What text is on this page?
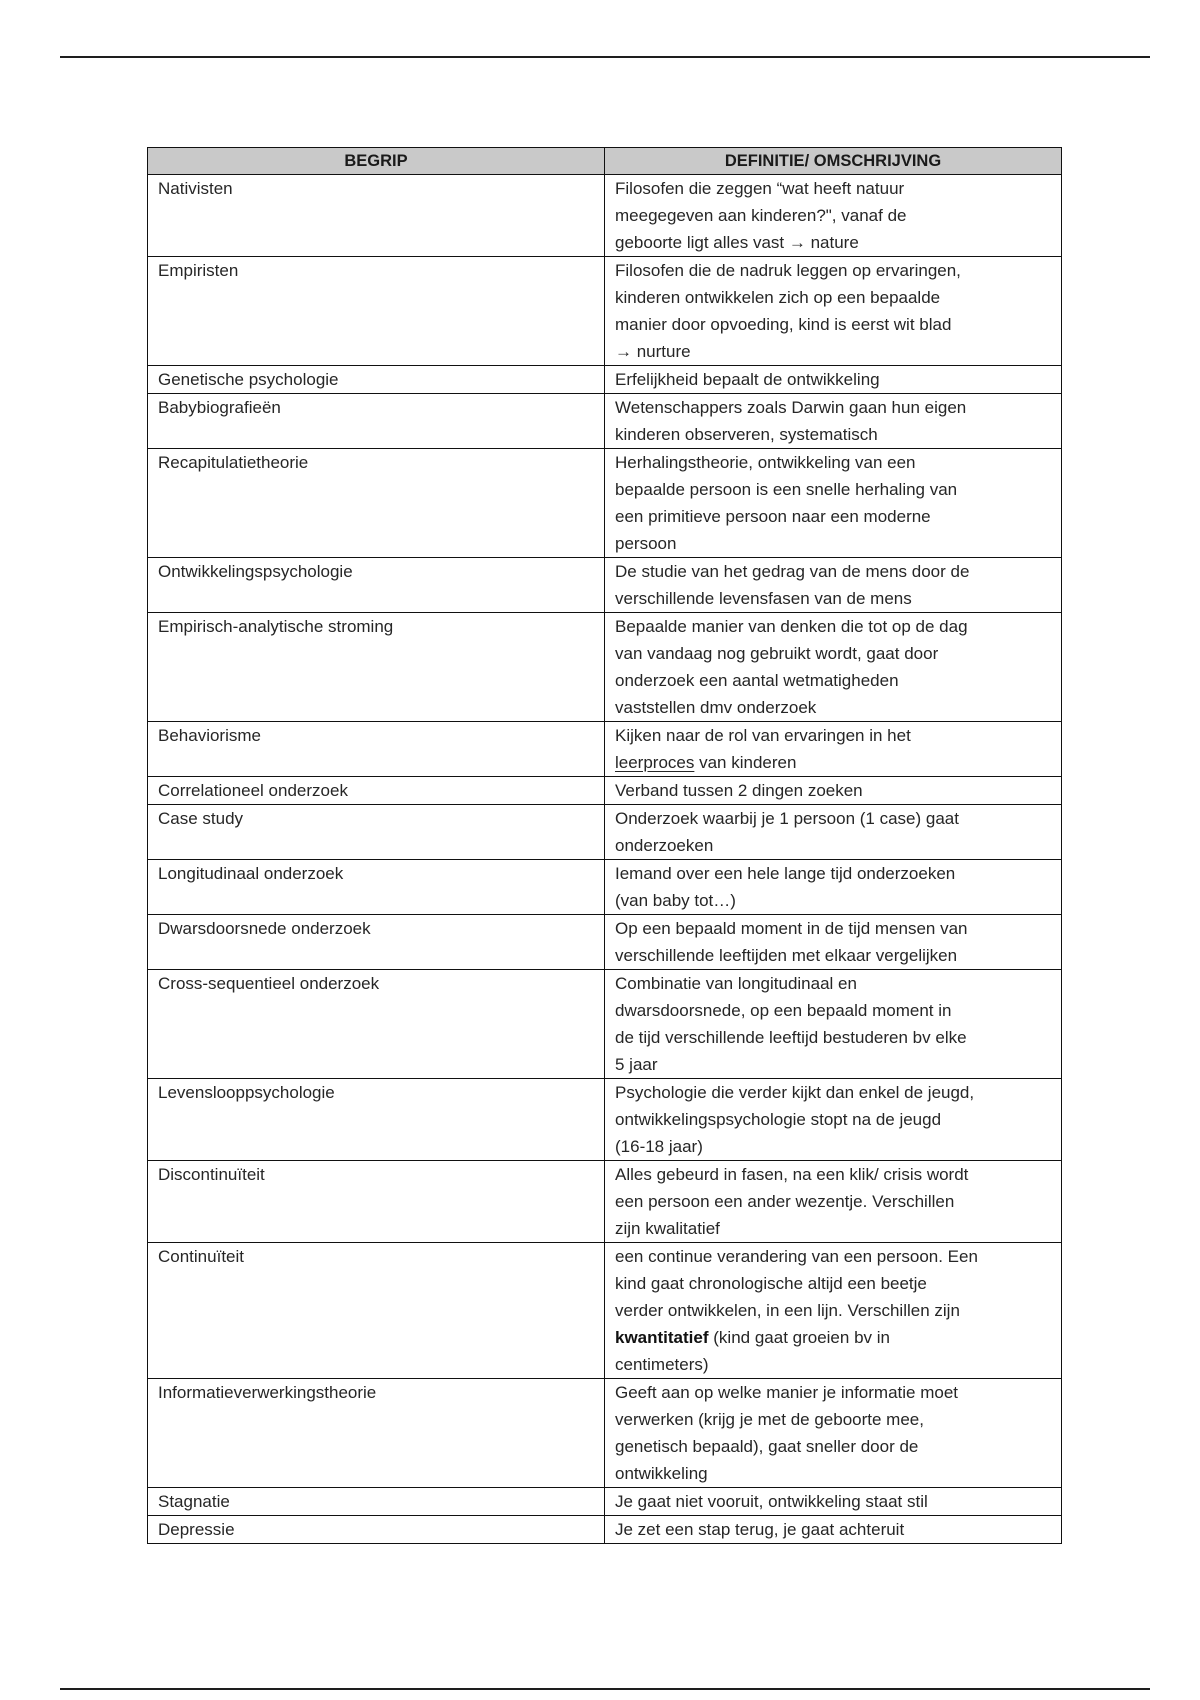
BEGRIP	DEFINITIE/ OMSCHRIJVING
Nativisten	Filosofen die zeggen “wat heeft natuur
meegegeven aan kinderen?", vanaf de
geboorte ligt alles vast → nature

Empiristen	Filosofen die de nadruk leggen op ervaringen,
kinderen ontwikkelen zich op een bepaalde
manier door opvoeding, kind is eerst wit blad
→ nurture

Genetische psychologie	Erfelijkheid bepaalt de ontwikkeling

Babybiografieën	Wetenschappers zoals Darwin gaan hun eigen
kinderen observeren, systematisch

Recapitulatietheorie	Herhalingstheorie, ontwikkeling van een
bepaalde persoon is een snelle herhaling van
een primitieve persoon naar een moderne
persoon

Ontwikkelingspsychologie	De studie van het gedrag van de mens door de
verschillende levensfasen van de mens

Empirisch-analytische stroming	Bepaalde manier van denken die tot op de dag
van vandaag nog gebruikt wordt, gaat door
onderzoek een aantal wetmatigheden
vaststellen dmv onderzoek

Behaviorisme	Kijken naar de rol van ervaringen in het
leerproces van kinderen

Correlationeel onderzoek	Verband tussen 2 dingen zoeken

Case study	Onderzoek waarbij je 1 persoon (1 case) gaat
onderzoeken

Longitudinaal onderzoek	Iemand over een hele lange tijd onderzoeken
(van baby tot…)

Dwarsdoorsnede onderzoek	Op een bepaald moment in de tijd mensen van
verschillende leeftijden met elkaar vergelijken

Cross-sequentieel onderzoek	Combinatie van longitudinaal en
dwarsdoorsnede, op een bepaald moment in
de tijd verschillende leeftijd bestuderen bv elke
5 jaar

Levenslooppsychologie	Psychologie die verder kijkt dan enkel de jeugd,
ontwikkelingspsychologie stopt na de jeugd
(16-18 jaar)

Discontinuïteit	Alles gebeurd in fasen, na een klik/ crisis wordt
een persoon een ander wezentje. Verschillen
zijn kwalitatief

Continuïteit	een continue verandering van een persoon. Een
kind gaat chronologische altijd een beetje
verder ontwikkelen, in een lijn. Verschillen zijn
kwantitatief (kind gaat groeien bv in
centimeters)

Informatieverwerkingstheorie	Geeft aan op welke manier je informatie moet
verwerken (krijg je met de geboorte mee,
genetisch bepaald), gaat sneller door de
ontwikkeling

Stagnatie	Je gaat niet vooruit, ontwikkeling staat stil

Depressie	Je zet een stap terug, je gaat achteruit
